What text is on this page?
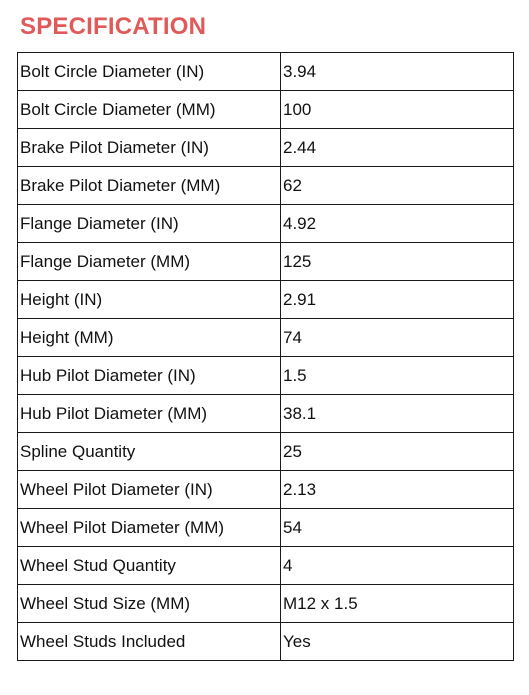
SPECIFICATION
Bolt Circle Diameter (IN)	3.94
Bolt Circle Diameter (MM)	100
Brake Pilot Diameter (IN)	2.44
Brake Pilot Diameter (MM)	62
Flange Diameter (IN)	4.92
Flange Diameter (MM)	125
Height (IN)	2.91
Height (MM)	74
Hub Pilot Diameter (IN)	1.5
Hub Pilot Diameter (MM)	38.1
Spline Quantity	25
Wheel Pilot Diameter (IN)	2.13
Wheel Pilot Diameter (MM)	54
Wheel Stud Quantity	4
Wheel Stud Size (MM)	M12 x 1.5
Wheel Studs Included	Yes
